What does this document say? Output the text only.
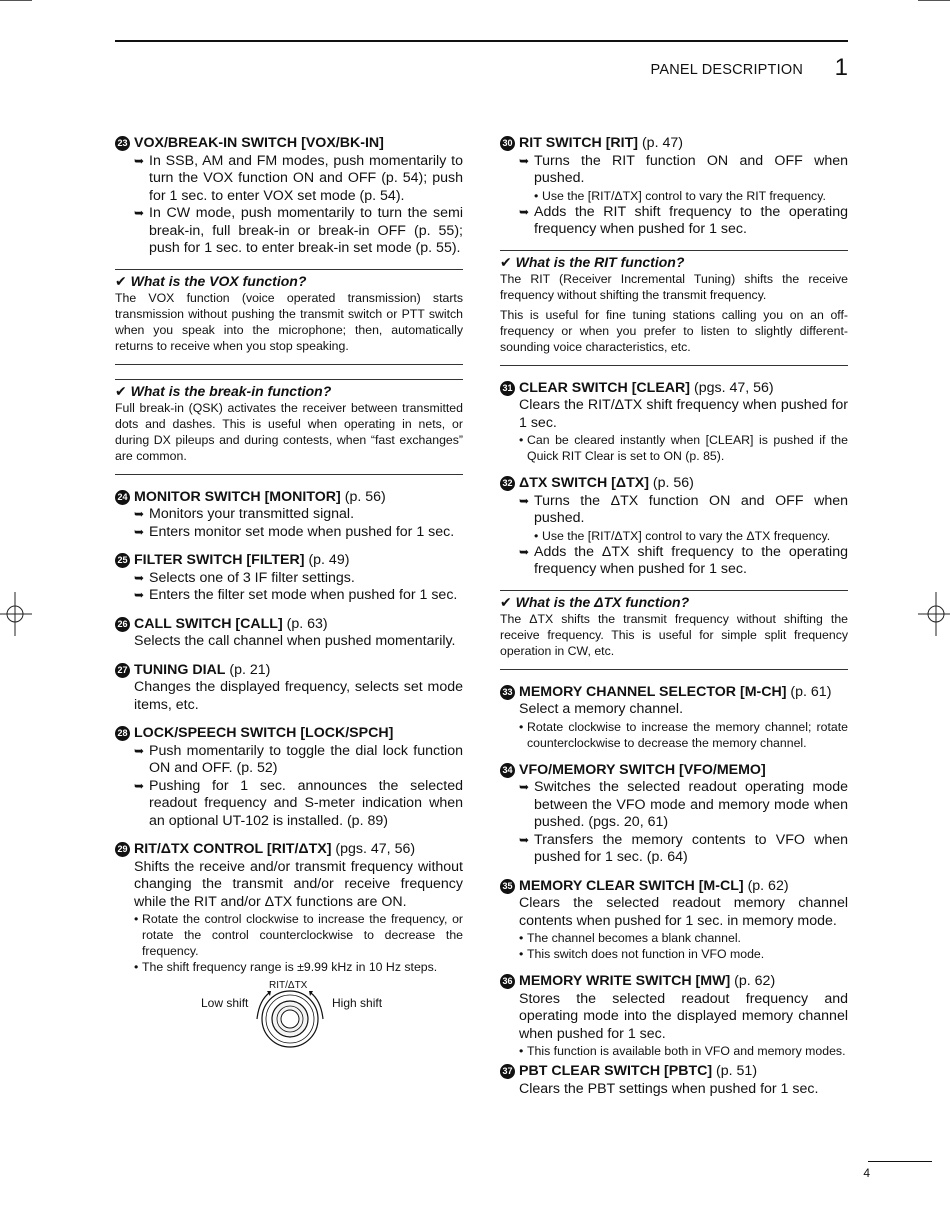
PANEL DESCRIPTION 1
23 VOX/BREAK-IN SWITCH [VOX/BK-IN]
➥ In SSB, AM and FM modes, push momentarily to turn the VOX function ON and OFF (p. 54); push for 1 sec. to enter VOX set mode (p. 54).
➥ In CW mode, push momentarily to turn the semi break-in, full break-in or break-in OFF (p. 55); push for 1 sec. to enter break-in set mode (p. 55).
✔ What is the VOX function?

The VOX function (voice operated transmission) starts transmission without pushing the transmit switch or PTT switch when you speak into the microphone; then, automatically returns to receive when you stop speaking.

✔ What is the break-in function?

Full break-in (QSK) activates the receiver between transmitted dots and dashes. This is useful when operating in nets, or during DX pileups and during contests, when “fast exchanges” are common.

24 MONITOR SWITCH [MONITOR] (p. 56)
➥ Monitors your transmitted signal.
➥ Enters monitor set mode when pushed for 1 sec.
25 FILTER SWITCH [FILTER] (p. 49)
➥ Selects one of 3 IF filter settings.
➥ Enters the filter set mode when pushed for 1 sec.
26 CALL SWITCH [CALL] (p. 63)
Selects the call channel when pushed momentarily.
27 TUNING DIAL (p. 21)
Changes the displayed frequency, selects set mode items, etc.
28 LOCK/SPEECH SWITCH [LOCK/SPCH]
➥ Push momentarily to toggle the dial lock function ON and OFF. (p. 52)
➥ Pushing for 1 sec. announces the selected readout frequency and S-meter indication when an optional UT-102 is installed. (p. 89)
29 RIT/ΔTX CONTROL [RIT/ΔTX] (pgs. 47, 56)
Shifts the receive and/or transmit frequency without changing the transmit and/or receive frequency while the RIT and/or ΔTX functions are ON.
• Rotate the control clockwise to increase the frequency, or rotate the control counterclockwise to decrease the frequency.
• The shift frequency range is ±9.99 kHz in 10 Hz steps.
RIT/ΔTX
Low shift	High shift
30 RIT SWITCH [RIT] (p. 47)
➥ Turns the RIT function ON and OFF when pushed.
• Use the [RIT/ΔTX] control to vary the RIT frequency.
➥ Adds the RIT shift frequency to the operating frequency when pushed for 1 sec.
✔ What is the RIT function?

The RIT (Receiver Incremental Tuning) shifts the receive frequency without shifting the transmit frequency.

This is useful for fine tuning stations calling you on an off-frequency or when you prefer to listen to slightly different-sounding voice characteristics, etc.

31 CLEAR SWITCH [CLEAR] (pgs. 47, 56)
Clears the RIT/ΔTX shift frequency when pushed for 1 sec.
• Can be cleared instantly when [CLEAR] is pushed if the Quick RIT Clear is set to ON (p. 85).
32 ΔTX SWITCH [ΔTX] (p. 56)
➥ Turns the ΔTX function ON and OFF when pushed.
• Use the [RIT/ΔTX] control to vary the ΔTX frequency.
➥ Adds the ΔTX shift frequency to the operating frequency when pushed for 1 sec.
✔ What is the ΔTX function?

The ΔTX shifts the transmit frequency without shifting the receive frequency. This is useful for simple split frequency operation in CW, etc.

33 MEMORY CHANNEL SELECTOR [M-CH] (p. 61)
Select a memory channel.
• Rotate clockwise to increase the memory channel; rotate counterclockwise to decrease the memory channel.
34 VFO/MEMORY SWITCH [VFO/MEMO]
➥ Switches the selected readout operating mode between the VFO mode and memory mode when pushed. (pgs. 20, 61)
➥ Transfers the memory contents to VFO when pushed for 1 sec. (p. 64)
35 MEMORY CLEAR SWITCH [M-CL] (p. 62)
Clears the selected readout memory channel contents when pushed for 1 sec. in memory mode.
• The channel becomes a blank channel.
• This switch does not function in VFO mode.
36 MEMORY WRITE SWITCH [MW] (p. 62)
Stores the selected readout frequency and operating mode into the displayed memory channel when pushed for 1 sec.
• This function is available both in VFO and memory modes.
37 PBT CLEAR SWITCH [PBTC] (p. 51)
Clears the PBT settings when pushed for 1 sec.
4
